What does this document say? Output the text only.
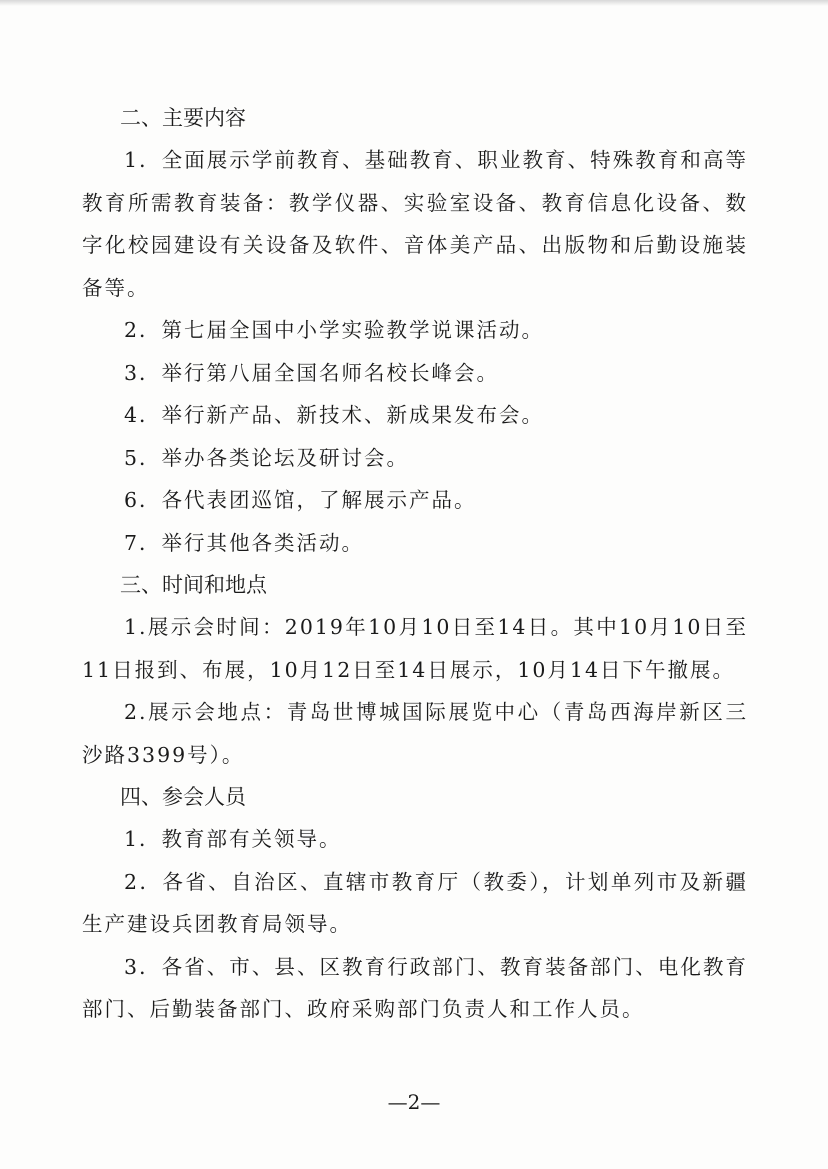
二、主要内容

1．全面展示学前教育、基础教育、职业教育、特殊教育和高等教育所需教育装备：教学仪器、实验室设备、教育信息化设备、数字化校园建设有关设备及软件、音体美产品、出版物和后勤设施装备等。

2．第七届全国中小学实验教学说课活动。

3．举行第八届全国名师名校长峰会。

4．举行新产品、新技术、新成果发布会。

5．举办各类论坛及研讨会。

6．各代表团巡馆，了解展示产品。

7．举行其他各类活动。

三、时间和地点

1.展示会时间：2019年10月10日至14日。其中10月10日至11日报到、布展，10月12日至14日展示，10月14日下午撤展。

2.展示会地点：青岛世博城国际展览中心（青岛西海岸新区三沙路3399号）。

四、参会人员

1．教育部有关领导。

2．各省、自治区、直辖市教育厅（教委），计划单列市及新疆生产建设兵团教育局领导。

3．各省、市、县、区教育行政部门、教育装备部门、电化教育部门、后勤装备部门、政府采购部门负责人和工作人员。

—2—
